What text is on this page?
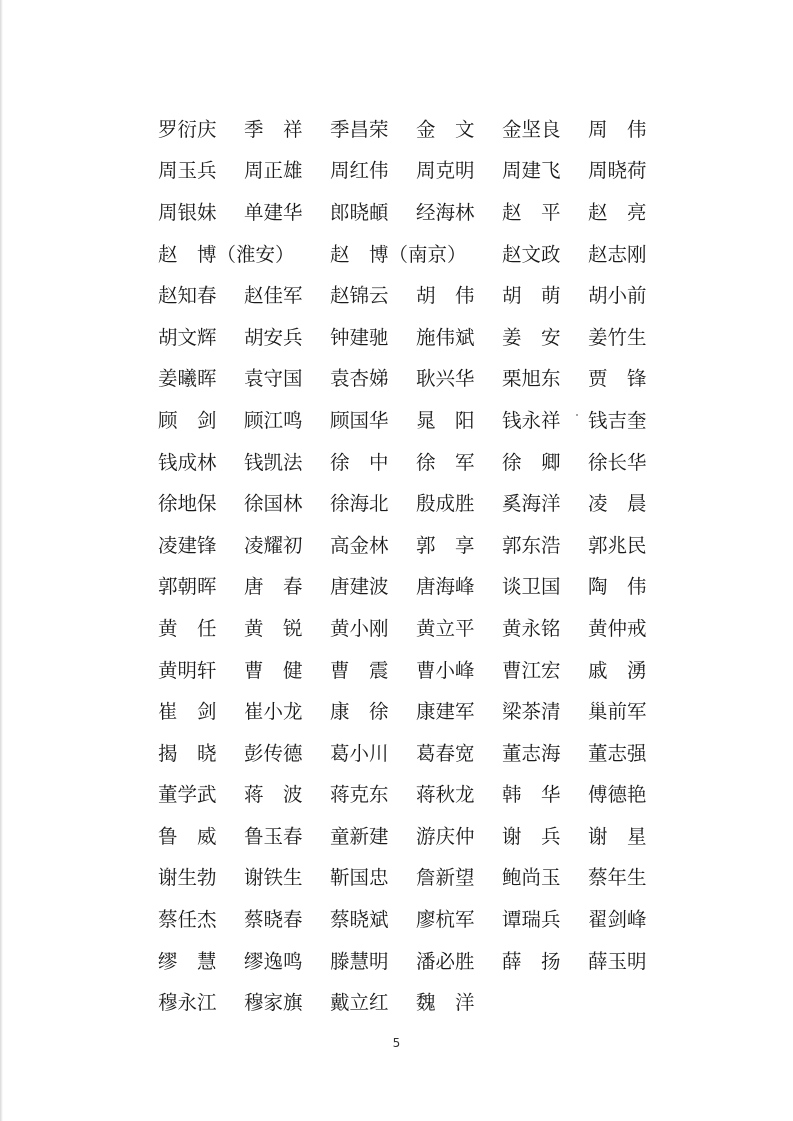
罗衍庆	季　祥	季昌荣	金　文	金坚良	周　伟
周玉兵	周正雄	周红伟	周克明	周建飞	周晓荷
周银妹	单建华	郎晓頔	经海林	赵　平	赵　亮
赵　博（淮安）	赵　博（南京）	赵文政	赵志刚
赵知春	赵佳军	赵锦云	胡　伟	胡　萌	胡小前
胡文辉	胡安兵	钟建驰	施伟斌	姜　安	姜竹生
姜曦晖	袁守国	袁杏娣	耿兴华	栗旭东	贾　锋
顾　剑	顾江鸣	顾国华	晁　阳	钱永祥	钱吉奎
钱成林	钱凯法	徐　中	徐　军	徐　卿	徐长华
徐地保	徐国林	徐海北	殷成胜	奚海洋	凌　晨
凌建锋	凌耀初	高金林	郭　享	郭东浩	郭兆民
郭朝晖	唐　春	唐建波	唐海峰	谈卫国	陶　伟
黄　任	黄　锐	黄小刚	黄立平	黄永铭	黄仲戒
黄明轩	曹　健	曹　震	曹小峰	曹江宏	戚　湧
崔　剑	崔小龙	康　徐	康建军	梁茶清	巢前军
揭　晓	彭传德	葛小川	葛春宽	董志海	董志强
董学武	蒋　波	蒋克东	蒋秋龙	韩　华	傅德艳
鲁　威	鲁玉春	童新建	游庆仲	谢　兵	谢　星
谢生勃	谢铁生	靳国忠	詹新望	鲍尚玉	蔡年生
蔡任杰	蔡晓春	蔡晓斌	廖杭军	谭瑞兵	翟剑峰
缪　慧	缪逸鸣	滕慧明	潘必胜	薛　扬	薛玉明
穆永江	穆家旗	戴立红	魏　洋
5
